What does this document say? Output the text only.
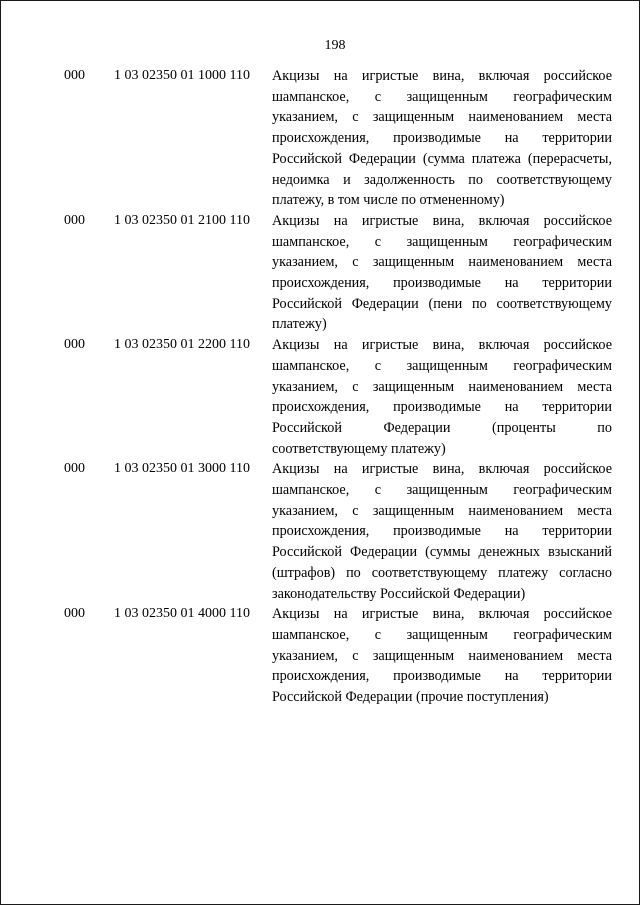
198
000	1 03 02350 01 1000 110	Акцизы на игристые вина, включая российское шампанское, с защищенным географическим указанием, с защищенным наименованием места происхождения, производимые на территории Российской Федерации (сумма платежа (перерасчеты, недоимка и задолженность по соответствующему платежу, в том числе по отмененному)
000	1 03 02350 01 2100 110	Акцизы на игристые вина, включая российское шампанское, с защищенным географическим указанием, с защищенным наименованием места происхождения, производимые на территории Российской Федерации (пени по соответствующему платежу)
000	1 03 02350 01 2200 110	Акцизы на игристые вина, включая российское шампанское, с защищенным географическим указанием, с защищенным наименованием места происхождения, производимые на территории Российской Федерации (проценты по соответствующему платежу)
000	1 03 02350 01 3000 110	Акцизы на игристые вина, включая российское шампанское, с защищенным географическим указанием, с защищенным наименованием места происхождения, производимые на территории Российской Федерации (суммы денежных взысканий (штрафов) по соответствующему платежу согласно законодательству Российской Федерации)
000	1 03 02350 01 4000 110	Акцизы на игристые вина, включая российское шампанское, с защищенным географическим указанием, с защищенным наименованием места происхождения, производимые на территории Российской Федерации (прочие поступления)
